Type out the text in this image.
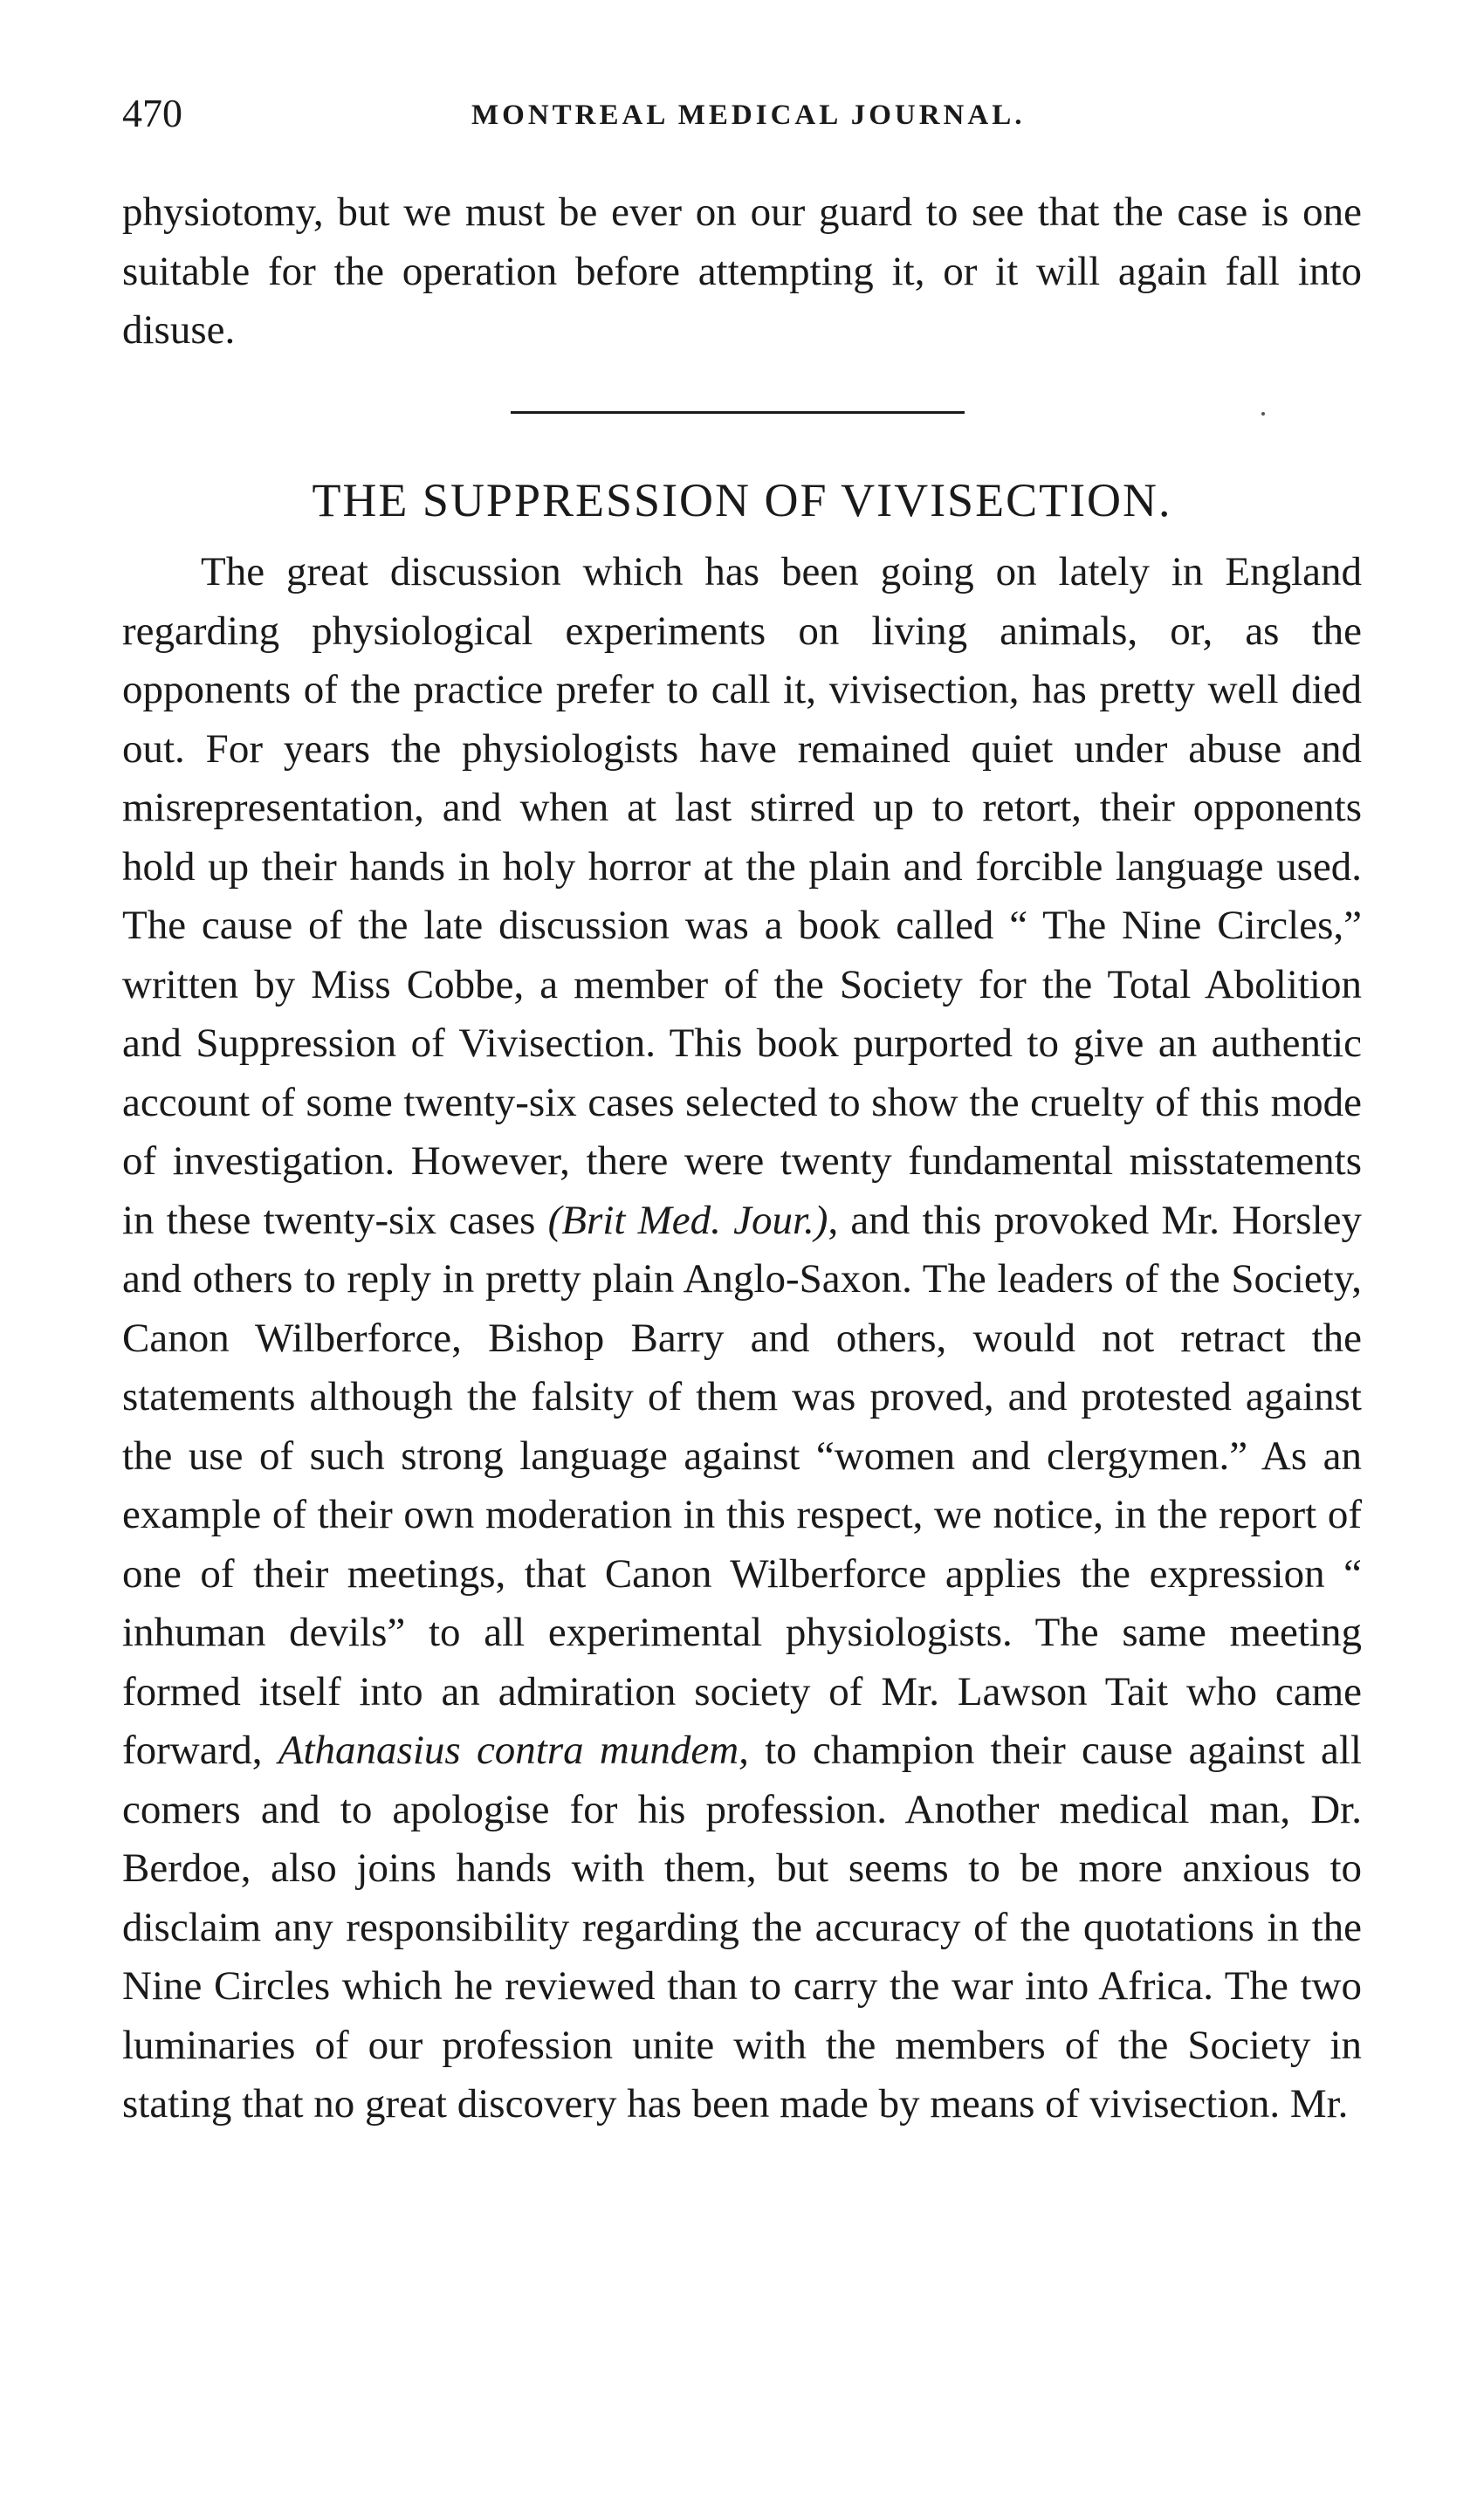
470	MONTREAL MEDICAL JOURNAL.

physiotomy, but we must be ever on our guard to see that the case is one suitable for the operation before attempting it, or it will again fall into disuse.

THE SUPPRESSION OF VIVISECTION.

The great discussion which has been going on lately in England regarding physiological experiments on living animals, or, as the opponents of the practice prefer to call it, vivisection, has pretty well died out. For years the physiologists have remained quiet under abuse and misrepresentation, and when at last stirred up to retort, their opponents hold up their hands in holy horror at the plain and forcible language used. The cause of the late discussion was a book called “ The Nine Circles,” written by Miss Cobbe, a member of the Society for the Total Abolition and Suppression of Vivisection. This book purported to give an authentic account of some twenty-six cases selected to show the cruelty of this mode of investigation. However, there were twenty fundamental misstatements in these twenty-six cases (Brit Med. Jour.), and this provoked Mr. Horsley and others to reply in pretty plain Anglo-Saxon. The leaders of the Society, Canon Wilberforce, Bishop Barry and others, would not retract the statements although the falsity of them was proved, and protested against the use of such strong language against “women and clergymen.” As an example of their own moderation in this respect, we notice, in the report of one of their meetings, that Canon Wilberforce applies the expression “ inhuman devils” to all experimental physiologists. The same meeting formed itself into an admiration society of Mr. Lawson Tait who came forward, Athanasius contra mundem, to champion their cause against all comers and to apologise for his profession. Another medical man, Dr. Berdoe, also joins hands with them, but seems to be more anxious to disclaim any responsibility regarding the accuracy of the quotations in the Nine Circles which he reviewed than to carry the war into Africa. The two luminaries of our profession unite with the members of the Society in stating that no great discovery has been made by means of vivisection. Mr.
